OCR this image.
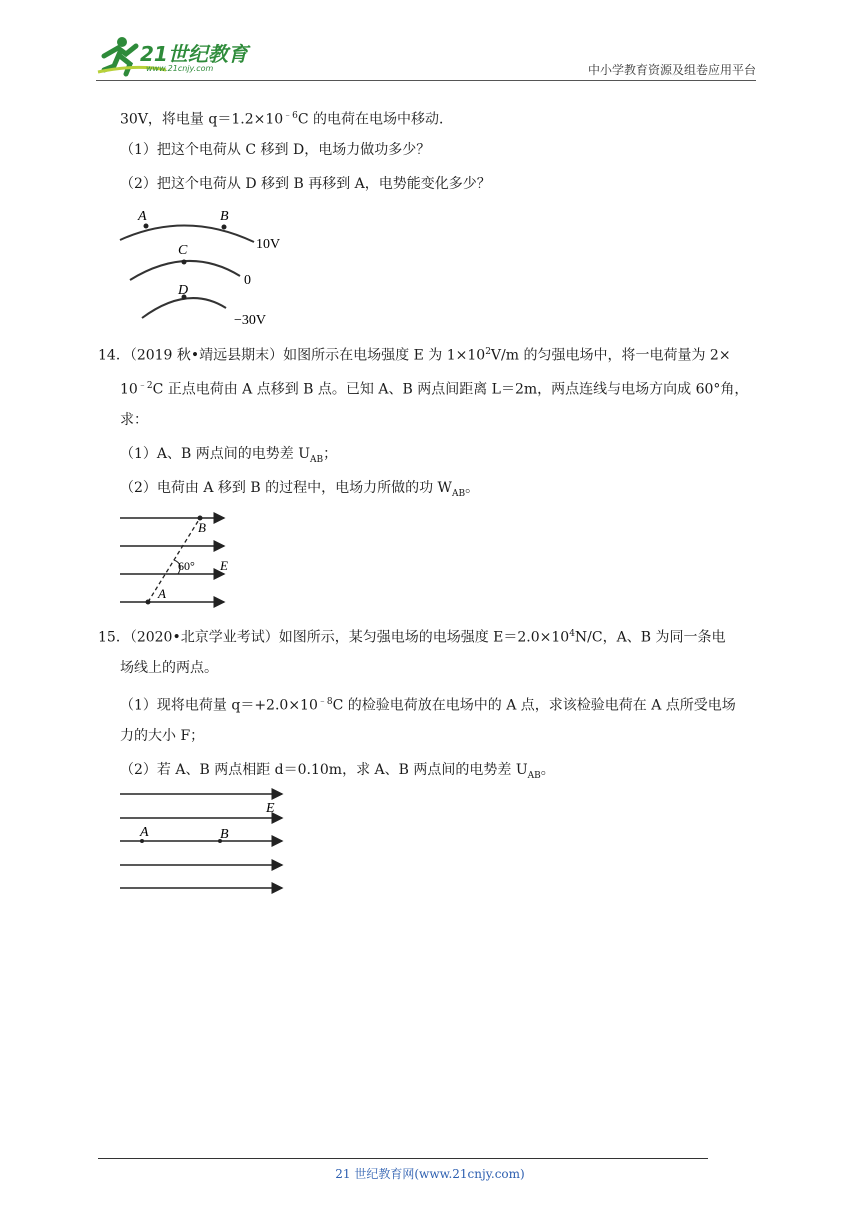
21世纪教育
www.21cnjy.com	中小学教育资源及组卷应用平台
30V，将电量 $q=1.2\times 10^{﹣6}C$ 的电荷在电场中移动．
（1）把这个电荷从 C 移到 D，电场力做功多少？
（2）把这个电荷从 D 移到 B 再移到 A，电势能变化多少？
A	B
10V
C
0
D
−30V
14．（2019 秋•靖远县期末）如图所示在电场强度 E 为 $1\times 10^2V/m$ 的匀强电场中，将一电荷量为 2×
$10^{﹣2}C$ 正点电荷由 A 点移到 B 点。已知 A、B 两点间距离 L＝2m，两点连线与电场方向成 60°角，
求：
（1）A、B 两点间的电势差 $U_{AB}$；
（2）电荷由 A 移到 B 的过程中，电场力所做的功 $W_{AB}$。
B
A
60° E
15．（2020•北京学业考试）如图所示，某匀强电场的电场强度 $E=2.0\times 10^4N/C$，A、B 为同一条电
场线上的两点。
（1）现将电荷量 $q=+2.0\times 10^{﹣8}C$ 的检验电荷放在电场中的 A 点，求该检验电荷在 A 点所受电场
力的大小 F；
（2）若 A、B 两点相距 d＝0.10m，求 A、B 两点间的电势差 $U_{AB}$。
E
A	B
21 世纪教育网(www.21cnjy.com)
